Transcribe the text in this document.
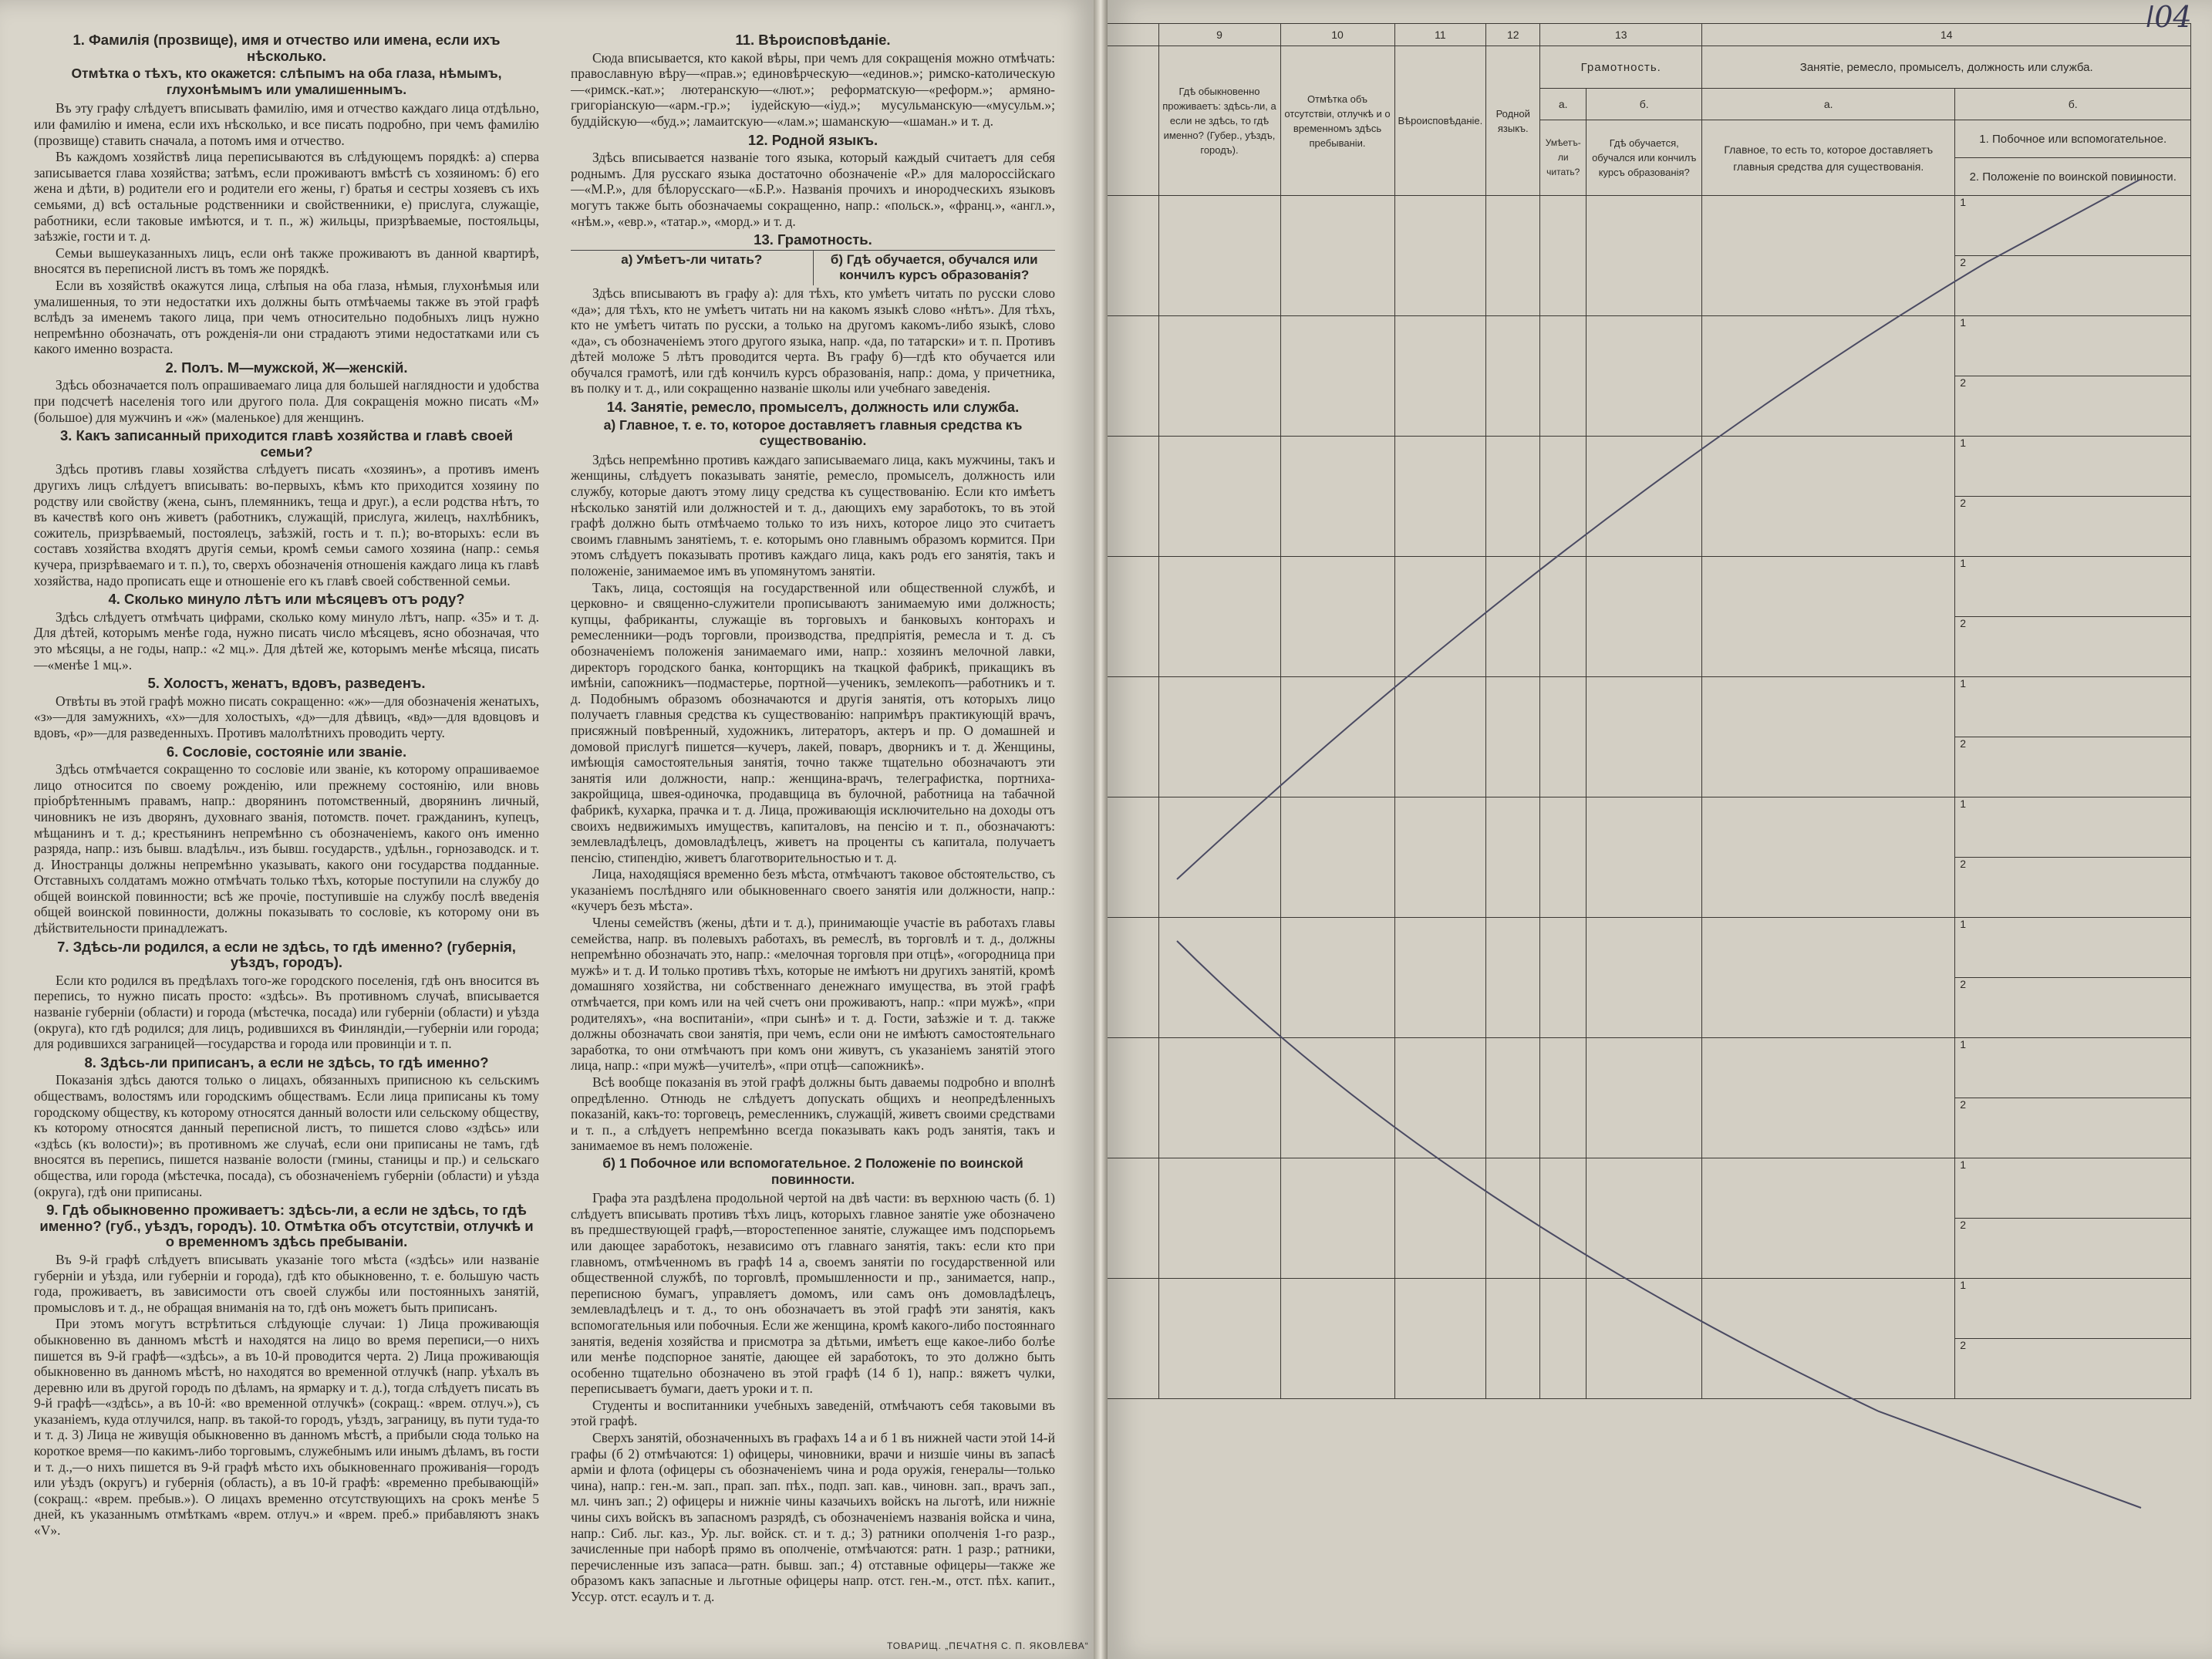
1. Фамилія (прозвище), имя и отчество или имена, если ихъ нѣсколько.
Отмѣтка о тѣхъ, кто окажется: слѣпымъ на оба глаза, нѣмымъ, глухонѣмымъ или умалишеннымъ.
Въ эту графу слѣдуетъ вписывать фамилію, имя и отчество каждаго лица отдѣльно, или фамилію и имена, если ихъ нѣсколько, и все писать подробно, при чемъ фамилію (прозвище) ставить сначала, а потомъ имя и отчество.
Въ каждомъ хозяйствѣ лица переписываются въ слѣдующемъ порядкѣ: а) сперва записывается глава хозяйства; затѣмъ, если проживаютъ вмѣстѣ съ хозяиномъ: б) его жена и дѣти, в) родители его и родители его жены, г) братья и сестры хозяевъ съ ихъ семьями, д) всѣ остальные родственники и свойственники, е) прислуга, служащіе, работники, если таковые имѣются, и т. п., ж) жильцы, призрѣваемые, постояльцы, заѣзжіе, гости и т. д.
Семьи вышеуказанныхъ лицъ, если онѣ также проживаютъ въ данной квартирѣ, вносятся въ переписной листъ въ томъ же порядкѣ.
Если въ хозяйствѣ окажутся лица, слѣпыя на оба глаза, нѣмыя, глухонѣмыя или умалишенныя, то эти недостатки ихъ должны быть отмѣчаемы также въ этой графѣ вслѣдъ за именемъ такого лица, при чемъ относительно подобныхъ лицъ нужно непремѣнно обозначать, отъ рожденія-ли они страдаютъ этими недостатками или съ какого именно возраста.
2. Полъ. М—мужской, Ж—женскій.
Здѣсь обозначается полъ опрашиваемаго лица для большей наглядности и удобства при подсчетѣ населенія того или другого пола. Для сокращенія можно писать «М» (большое) для мужчинъ и «ж» (маленькое) для женщинъ.
3. Какъ записанный приходится главѣ хозяйства и главѣ своей семьи?
Здѣсь противъ главы хозяйства слѣдуетъ писать «хозяинъ», а противъ именъ другихъ лицъ слѣдуетъ вписывать: во-первыхъ, кѣмъ кто приходится хозяину по родству или свойству (жена, сынъ, племянникъ, теща и друг.), а если родства нѣтъ, то въ качествѣ кого онъ живетъ (работникъ, служащій, прислуга, жилецъ, нахлѣбникъ, сожитель, призрѣваемый, постоялецъ, заѣзжій, гость и т. п.); во-вторыхъ: если въ составъ хозяйства входятъ другія семьи, кромѣ семьи самого хозяина (напр.: семья кучера, призрѣваемаго и т. п.), то, сверхъ обозначенія отношенія каждаго лица къ главѣ хозяйства, надо прописать еще и отношеніе его къ главѣ своей собственной семьи.
4. Сколько минуло лѣтъ или мѣсяцевъ отъ роду?
Здѣсь слѣдуетъ отмѣчать цифрами, сколько кому минуло лѣтъ, напр. «35» и т. д. Для дѣтей, которымъ менѣе года, нужно писать число мѣсяцевъ, ясно обозначая, что это мѣсяцы, а не годы, напр.: «2 мц.». Для дѣтей же, которымъ менѣе мѣсяца, писать—«менѣе 1 мц.».
5. Холостъ, женатъ, вдовъ, разведенъ.
Отвѣты въ этой графѣ можно писать сокращенно: «ж»—для обозначенія женатыхъ, «з»—для замужнихъ, «х»—для холостыхъ, «д»—для дѣвицъ, «вд»—для вдовцовъ и вдовъ, «р»—для разведенныхъ. Противъ малолѣтнихъ проводить черту.
6. Сословіе, состояніе или званіе.
Здѣсь отмѣчается сокращенно то сословіе или званіе, къ которому опрашиваемое лицо относится по своему рожденію, или прежнему состоянію, или вновь пріобрѣтеннымъ правамъ, напр.: дворянинъ потомственный, дворянинъ личный, чиновникъ не изъ дворянъ, духовнаго званія, потомств. почет. гражданинъ, купецъ, мѣщанинъ и т. д.; крестьянинъ непремѣнно съ обозначеніемъ, какого онъ именно разряда, напр.: изъ бывш. владѣльч., изъ бывш. государств., удѣльн., горнозаводск. и т. д. Иностранцы должны непремѣнно указывать, какого они государства подданные. Отставныхъ солдатамъ можно отмѣчать только тѣхъ, которые поступили на службу до общей воинской повинности; всѣ же прочіе, поступившіе на службу послѣ введенія общей воинской повинности, должны показывать то сословіе, къ которому они въ дѣйствительности принадлежатъ.
7. Здѣсь-ли родился, а если не здѣсь, то гдѣ именно? (губернія, уѣздъ, городъ).
Если кто родился въ предѣлахъ того-же городского поселенія, гдѣ онъ вносится въ перепись, то нужно писать просто: «здѣсь». Въ противномъ случаѣ, вписывается названіе губерніи (области) и города (мѣстечка, посада) или губерніи (области) и уѣзда (округа), кто гдѣ родился; для лицъ, родившихся въ Финляндіи,—губерніи или города; для родившихся заграницей—государства и города или провинціи и т. п.
8. Здѣсь-ли приписанъ, а если не здѣсь, то гдѣ именно?
Показанія здѣсь даются только о лицахъ, обязанныхъ приписною къ сельскимъ обществамъ, волостямъ или городскимъ обществамъ. Если лица приписаны къ тому городскому обществу, къ которому относятся данный волости или сельскому обществу, къ которому относятся данный переписной листъ, то пишется слово «здѣсь» или «здѣсь (къ волости)»; въ противномъ же случаѣ, если они приписаны не тамъ, гдѣ вносятся въ перепись, пишется названіе волости (гмины, станицы и пр.) и сельскаго общества, или города (мѣстечка, посада), съ обозначеніемъ губерніи (области) и уѣзда (округа), гдѣ они приписаны.
9. Гдѣ обыкновенно проживаетъ: здѣсь-ли, а если не здѣсь, то гдѣ именно? (губ., уѣздъ, городъ). 10. Отмѣтка объ отсутствіи, отлучкѣ и о временномъ здѣсь пребываніи.
Въ 9-й графѣ слѣдуетъ вписывать указаніе того мѣста («здѣсь» или названіе губерніи и уѣзда, или губерніи и города), гдѣ кто обыкновенно, т. е. большую часть года, проживаетъ, въ зависимости отъ своей службы или постоянныхъ занятій, промысловъ и т. д., не обращая вниманія на то, гдѣ онъ можетъ быть приписанъ.
При этомъ могутъ встрѣтиться слѣдующіе случаи: 1) Лица проживающія обыкновенно въ данномъ мѣстѣ и находятся на лицо во время переписи,—о нихъ пишется въ 9-й графѣ—«здѣсь», а въ 10-й проводится черта. 2) Лица проживающія обыкновенно въ данномъ мѣстѣ, но находятся во временной отлучкѣ (напр. уѣхалъ въ деревню или въ другой городъ по дѣламъ, на ярмарку и т. д.), тогда слѣдуетъ писать въ 9-й графѣ—«здѣсь», а въ 10-й: «во временной отлучкѣ» (сокращ.: «врем. отлуч.»), съ указаніемъ, куда отлучился, напр. въ такой-то городъ, уѣздъ, заграницу, въ пути туда-то и т. д. 3) Лица не живущія обыкновенно въ данномъ мѣстѣ, а прибыли сюда только на короткое время—по какимъ-либо торговымъ, служебнымъ или инымъ дѣламъ, въ гости и т. д.,—о нихъ пишется въ 9-й графѣ мѣсто ихъ обыкновеннаго проживанія—городъ или уѣздъ (округъ) и губернія (область), а въ 10-й графѣ: «временно пребывающій» (сокращ.: «врем. пребыв.»). О лицахъ временно отсутствующихъ на срокъ менѣе 5 дней, къ указаннымъ отмѣткамъ «врем. отлуч.» и «врем. преб.» прибавляютъ знакъ «V».
11. Вѣроисповѣданіе.
Сюда вписывается, кто какой вѣры, при чемъ для сокращенія можно отмѣчать: православную вѣру—«прав.»; единовѣрческую—«единов.»; римско-католическую—«римск.-кат.»; лютеранскую—«лют.»; реформатскую—«реформ.»; армяно-григоріанскую—«арм.-гр.»; іудейскую—«іуд.»; мусульманскую—«мусульм.»; буддійскую—«буд.»; ламаитскую—«лам.»; шаманскую—«шаман.» и т. д.
12. Родной языкъ.
Здѣсь вписывается названіе того языка, который каждый считаетъ для себя роднымъ. Для русскаго языка достаточно обозначеніе «Р.» для малороссійскаго—«М.Р.», для бѣлорусскаго—«Б.Р.». Названія прочихъ и инородческихъ языковъ могутъ также быть обозначаемы сокращенно, напр.: «польск.», «франц.», «англ.», «нѣм.», «евр.», «татар.», «морд.» и т. д.
13. Грамотность.
а) Умѣетъ-ли читать?	б) Гдѣ обучается, обучался или кончилъ курсъ образованія?
Здѣсь вписываютъ въ графу а): для тѣхъ, кто умѣетъ читать по русски слово «да»; для тѣхъ, кто не умѣетъ читать ни на какомъ языкѣ слово «нѣтъ». Для тѣхъ, кто не умѣетъ читать по русски, а только на другомъ какомъ-либо языкѣ, слово «да», съ обозначеніемъ этого другого языка, напр. «да, по татарски» и т. п. Противъ дѣтей моложе 5 лѣтъ проводится черта. Въ графу б)—гдѣ кто обучается или обучался грамотѣ, или гдѣ кончилъ курсъ образованія, напр.: дома, у причетника, въ полку и т. д., или сокращенно названіе школы или учебнаго заведенія.
14. Занятіе, ремесло, промыселъ, должность или служба.
а) Главное, т. е. то, которое доставляетъ главныя средства къ существованію.
Здѣсь непремѣнно противъ каждаго записываемаго лица, какъ мужчины, такъ и женщины, слѣдуетъ показывать занятіе, ремесло, промыселъ, должность или службу, которые даютъ этому лицу средства къ существованію. Если кто имѣетъ нѣсколько занятій или должностей и т. д., дающихъ ему заработокъ, то въ этой графѣ должно быть отмѣчаемо только то изъ нихъ, которое лицо это считаетъ своимъ главнымъ занятіемъ, т. е. которымъ оно главнымъ образомъ кормится. При этомъ слѣдуетъ показывать противъ каждаго лица, какъ родъ его занятія, такъ и положеніе, занимаемое имъ въ упомянутомъ занятіи.
Такъ, лица, состоящія на государственной или общественной службѣ, и церковно- и священно-служители прописываютъ занимаемую ими должность; купцы, фабриканты, служащіе въ торговыхъ и банковыхъ конторахъ и ремесленники—родъ торговли, производства, предпріятія, ремесла и т. д. съ обозначеніемъ положенія занимаемаго ими, напр.: хозяинъ мелочной лавки, директоръ городского банка, конторщикъ на ткацкой фабрикѣ, прикащикъ въ имѣніи, сапожникъ—подмастерье, портной—ученикъ, землекопъ—работникъ и т. д. Подобнымъ образомъ обозначаются и другія занятія, отъ которыхъ лицо получаетъ главныя средства къ существованію: напримѣръ практикующій врачъ, присяжный повѣренный, художникъ, литераторъ, актеръ и пр. О домашней и домовой прислугѣ пишется—кучеръ, лакей, поваръ, дворникъ и т. д. Женщины, имѣющія самостоятельныя занятія, точно также тщательно обозначаютъ эти занятія или должности, напр.: женщина-врачъ, телеграфистка, портниха-закройщица, швея-одиночка, продавщица въ булочной, работница на табачной фабрикѣ, кухарка, прачка и т. д. Лица, проживающія исключительно на доходы отъ своихъ недвижимыхъ имуществъ, капиталовъ, на пенсію и т. п., обозначаютъ: землевладѣлецъ, домовладѣлецъ, живетъ на проценты съ капитала, получаетъ пенсію, стипендію, живетъ благотворительностью и т. д.
Лица, находящіяся временно безъ мѣста, отмѣчаютъ таковое обстоятельство, съ указаніемъ послѣдняго или обыкновеннаго своего занятія или должности, напр.: «кучеръ безъ мѣста».
Члены семействъ (жены, дѣти и т. д.), принимающіе участіе въ работахъ главы семейства, напр. въ полевыхъ работахъ, въ ремеслѣ, въ торговлѣ и т. д., должны непремѣнно обозначать это, напр.: «мелочная торговля при отцѣ», «огородница при мужѣ» и т. д. И только противъ тѣхъ, которые не имѣютъ ни другихъ занятій, кромѣ домашняго хозяйства, ни собственнаго денежнаго имущества, въ этой графѣ отмѣчается, при комъ или на чей счетъ они проживаютъ, напр.: «при мужѣ», «при родителяхъ», «на воспитаніи», «при сынѣ» и т. д. Гости, заѣзжіе и т. д. также должны обозначать свои занятія, при чемъ, если они не имѣютъ самостоятельнаго заработка, то они отмѣчаютъ при комъ они живутъ, съ указаніемъ занятій этого лица, напр.: «при мужѣ—учителѣ», «при отцѣ—сапожникѣ».
Всѣ вообще показанія въ этой графѣ должны быть даваемы подробно и вполнѣ опредѣленно. Отнюдь не слѣдуетъ допускать общихъ и неопредѣленныхъ показаній, какъ-то: торговецъ, ремесленникъ, служащій, живетъ своими средствами и т. п., а слѣдуетъ непремѣнно всегда показывать какъ родъ занятія, такъ и занимаемое въ немъ положеніе.
б) 1 Побочное или вспомогательное. 2 Положеніе по воинской повинности.
Графа эта раздѣлена продольной чертой на двѣ части: въ верхнюю часть (б. 1) слѣдуетъ вписывать противъ тѣхъ лицъ, которыхъ главное занятіе уже обозначено въ предшествующей графѣ,—второстепенное занятіе, служащее имъ подспорьемъ или дающее заработокъ, независимо отъ главнаго занятія, такъ: если кто при главномъ, отмѣченномъ въ графѣ 14 а, своемъ занятіи по государственной или общественной службѣ, по торговлѣ, промышленности и пр., занимается, напр., переписною бумагъ, управляетъ домомъ, или самъ онъ домовладѣлецъ, землевладѣлецъ и т. д., то онъ обозначаетъ въ этой графѣ эти занятія, какъ вспомогательныя или побочныя. Если же женщина, кромѣ какого-либо постояннаго занятія, веденія хозяйства и присмотра за дѣтьми, имѣетъ еще какое-либо болѣе или менѣе подспорное занятіе, дающее ей заработокъ, то это должно быть особенно тщательно обозначено въ этой графѣ (14 б 1), напр.: вяжетъ чулки, переписываетъ бумаги, даетъ уроки и т. п.
Студенты и воспитанники учебныхъ заведеній, отмѣчаютъ себя таковыми въ этой графѣ.
Сверхъ занятій, обозначенныхъ въ графахъ 14 а и б 1 въ нижней части этой 14-й графы (б 2) отмѣчаются: 1) офицеры, чиновники, врачи и низшіе чины въ запасѣ арміи и флота (офицеры съ обозначеніемъ чина и рода оружія, генералы—только чина), напр.: ген.-м. зап., прап. зап. пѣх., подп. зап. кав., чиновн. зап., врачъ зап., мл. чинъ зап.; 2) офицеры и нижніе чины казачьихъ войскъ на льготѣ, или нижніе чины сихъ войскъ въ запасномъ разрядѣ, съ обозначеніемъ названія войска и чина, напр.: Сиб. льг. каз., Ур. льг. войск. ст. и т. д.; 3) ратники ополченія 1-го разр., зачисленные при наборѣ прямо въ ополченіе, отмѣчаются: ратн. 1 разр.; ратники, перечисленные изъ запаса—ратн. бывш. зап.; 4) отставные офицеры—также же образомъ какъ запасные и льготные офицеры напр. отст. ген.-м., отст. пѣх. капит., Уссур. отст. есаулъ и т. д.
ТОВАРИЩ. „ПЕЧАТНЯ С. П. ЯКОВЛЕВА“
	9	10	11	12	13		14	

	Гдѣ обыкновенно проживаетъ: здѣсь-ли, а если не здѣсь, то гдѣ именно? (Губер., уѣздъ, городъ).	Отмѣтка объ отсутствіи, отлучкѣ и о временномъ здѣсь пребываніи.	Вѣроисповѣданіе.	Родной языкъ.	Грамотность.		Занятіе, ремесло, промыселъ, должность или служба.	

					а.	б.	а.	б.

					Умѣетъ-ли читать?	Гдѣ обучается, обучался или кончилъ курсъ образованія?	Главное, то есть то, которое доставляетъ главныя средства для существованія.	1. Побочное или вспомогательное.

								2. Положеніе по воинской повинности.

								1
								2
								1
								2
								1
								2
								1
								2
								1
								2
								1
								2
								1
								2
								1
								2
								1
								2
								1
								2
ǀ04
